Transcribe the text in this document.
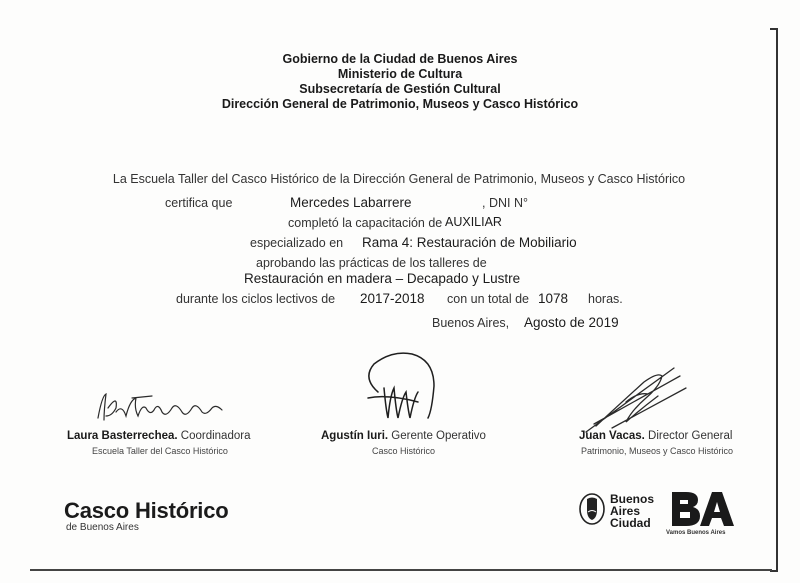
Gobierno de la Ciudad de Buenos Aires
Ministerio de Cultura
Subsecretaría de Gestión Cultural
Dirección General de Patrimonio, Museos y Casco Histórico
La Escuela Taller del Casco Histórico de la Dirección General de Patrimonio, Museos y Casco Histórico
certifica que	Mercedes Labarrere	, DNI N°
completó la capacitación de AUXILIAR
especializado en Rama 4: Restauración de Mobiliario
aprobando las prácticas de los talleres de
Restauración en madera – Decapado y Lustre
durante los ciclos lectivos de 2017-2018 con un total de 1078 horas.
Buenos Aires, Agosto de 2019
Laura Basterrechea. Coordinadora
Escuela Taller del Casco Histórico
Agustín Iuri. Gerente Operativo
Casco Histórico
Juan Vacas. Director General
Patrimonio, Museos y Casco Histórico
Casco Histórico
de Buenos Aires
Buenos
Aires
Ciudad
Vamos Buenos Aires
